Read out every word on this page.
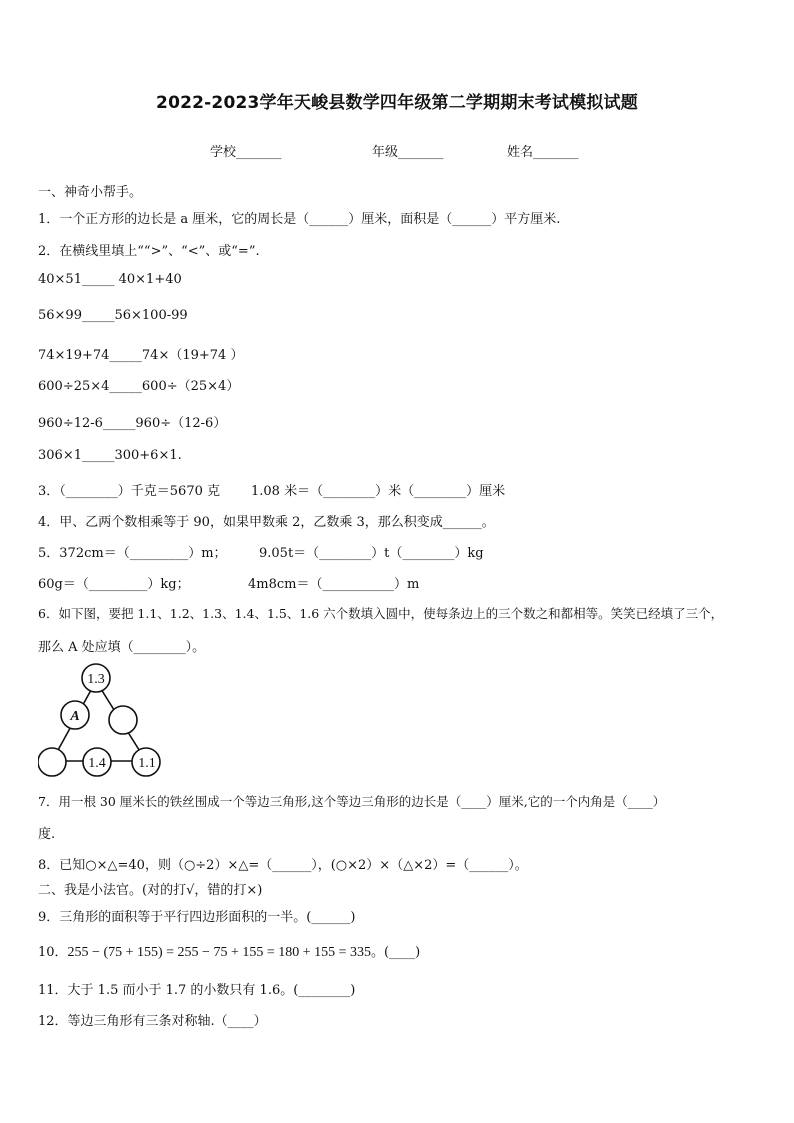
2022-2023学年天峻县数学四年级第二学期期末考试模拟试题
学校_______	年级_______	姓名_______
一、神奇小帮手。
1．一个正方形的边长是 a 厘米，它的周长是（______）厘米，面积是（______）平方厘米.
2．在横线里填上““>”、“<”、或“=”.
40×51_____ 40×1+40
56×99_____56×100-99
74×19+74_____74×（19+74 ）
600÷25×4_____600÷（25×4）
960÷12-6_____960÷（12-6）
306×1_____300+6×1.
3．（________）千克＝5670 克 1.08 米＝（________）米（________）厘米
4．甲、乙两个数相乘等于 90，如果甲数乘 2，乙数乘 3，那么积变成______。
5．372cm＝（_________）m； 9.05t＝（________）t（________）kg
60g＝（_________）kg；	4m8cm＝（___________）m
6．如下图，要把 1.1、1.2、1.3、1.4、1.5、1.6 六个数填入圆中，使每条边上的三个数之和都相等。笑笑已经填了三个，
那么 A 处应填（________）。
1.3
A
1.4 1.1
7．用一根 30 厘米长的铁丝围成一个等边三角形,这个等边三角形的边长是（____）厘米,它的一个内角是（____）
度.
8．已知○×△=40，则（○÷2）×△=（______），(○×2）×（△×2）=（______）。
二、我是小法官。(对的打√，错的打×)
9．三角形的面积等于平行四边形面积的一半。(______)
10．255 − (75 + 155) = 255 − 75 + 155 = 180 + 155 = 335。(____)
11．大于 1.5 而小于 1.7 的小数只有 1.6。(________)
12．等边三角形有三条对称轴.（____）
